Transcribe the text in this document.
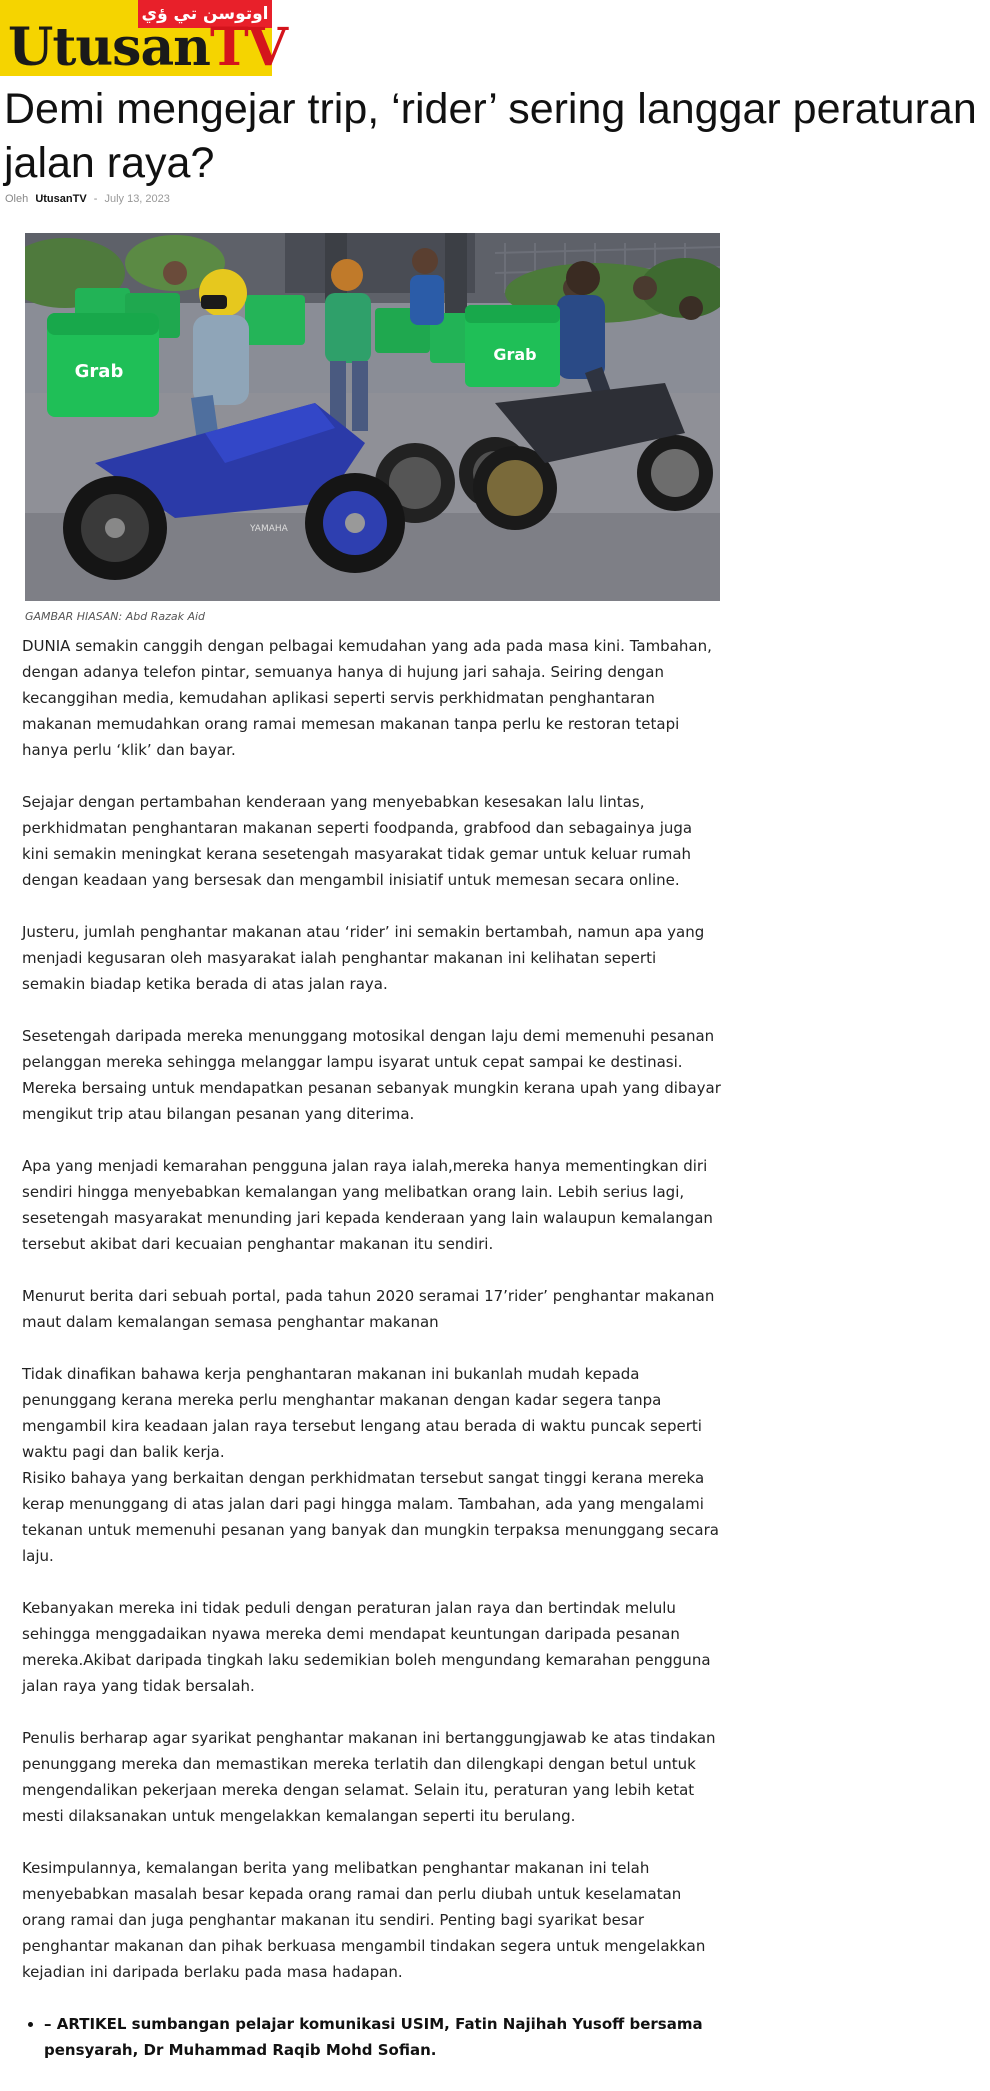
اوتوسن تي ؤي
UtusanTV
Demi mengejar trip, ‘rider’ sering langgar peraturan jalan raya?
Oleh UtusanTV - July 13, 2023
Grab
Grab
YAMAHA
GAMBAR HIASAN: Abd Razak Aid

DUNIA semakin canggih dengan pelbagai kemudahan yang ada pada masa kini. Tambahan, dengan adanya telefon pintar, semuanya hanya di hujung jari sahaja. Seiring dengan kecanggihan media, kemudahan aplikasi seperti servis perkhidmatan penghantaran makanan memudahkan orang ramai memesan makanan tanpa perlu ke restoran tetapi hanya perlu ‘klik’ dan bayar.

Sejajar dengan pertambahan kenderaan yang menyebabkan kesesakan lalu lintas, perkhidmatan penghantaran makanan seperti foodpanda, grabfood dan sebagainya juga kini semakin meningkat kerana sesetengah masyarakat tidak gemar untuk keluar rumah dengan keadaan yang bersesak dan mengambil inisiatif untuk memesan secara online.

Justeru, jumlah penghantar makanan atau ‘rider’ ini semakin bertambah, namun apa yang menjadi kegusaran oleh masyarakat ialah penghantar makanan ini kelihatan seperti semakin biadap ketika berada di atas jalan raya.

Sesetengah daripada mereka menunggang motosikal dengan laju demi memenuhi pesanan pelanggan mereka sehingga melanggar lampu isyarat untuk cepat sampai ke destinasi. Mereka bersaing untuk mendapatkan pesanan sebanyak mungkin kerana upah yang dibayar mengikut trip atau bilangan pesanan yang diterima.

Apa yang menjadi kemarahan pengguna jalan raya ialah,mereka hanya mementingkan diri sendiri hingga menyebabkan kemalangan yang melibatkan orang lain. Lebih serius lagi, sesetengah masyarakat menunding jari kepada kenderaan yang lain walaupun kemalangan tersebut akibat dari kecuaian penghantar makanan itu sendiri.

Menurut berita dari sebuah portal, pada tahun 2020 seramai 17’rider’ penghantar makanan maut dalam kemalangan semasa penghantar makanan

Tidak dinafikan bahawa kerja penghantaran makanan ini bukanlah mudah kepada penunggang kerana mereka perlu menghantar makanan dengan kadar segera tanpa mengambil kira keadaan jalan raya tersebut lengang atau berada di waktu puncak seperti waktu pagi dan balik kerja.

Risiko bahaya yang berkaitan dengan perkhidmatan tersebut sangat tinggi kerana mereka kerap menunggang di atas jalan dari pagi hingga malam. Tambahan, ada yang mengalami tekanan untuk memenuhi pesanan yang banyak dan mungkin terpaksa menunggang secara laju.

Kebanyakan mereka ini tidak peduli dengan peraturan jalan raya dan bertindak melulu sehingga menggadaikan nyawa mereka demi mendapat keuntungan daripada pesanan mereka.Akibat daripada tingkah laku sedemikian boleh mengundang kemarahan pengguna jalan raya yang tidak bersalah.

Penulis berharap agar syarikat penghantar makanan ini bertanggungjawab ke atas tindakan penunggang mereka dan memastikan mereka terlatih dan dilengkapi dengan betul untuk mengendalikan pekerjaan mereka dengan selamat. Selain itu, peraturan yang lebih ketat mesti dilaksanakan untuk mengelakkan kemalangan seperti itu berulang.

Kesimpulannya, kemalangan berita yang melibatkan penghantar makanan ini telah menyebabkan masalah besar kepada orang ramai dan perlu diubah untuk keselamatan orang ramai dan juga penghantar makanan itu sendiri. Penting bagi syarikat besar penghantar makanan dan pihak berkuasa mengambil tindakan segera untuk mengelakkan kejadian ini daripada berlaku pada masa hadapan.

• – ARTIKEL sumbangan pelajar komunikasi USIM, Fatin Najihah Yusoff bersama pensyarah, Dr Muhammad Raqib Mohd Sofian.
